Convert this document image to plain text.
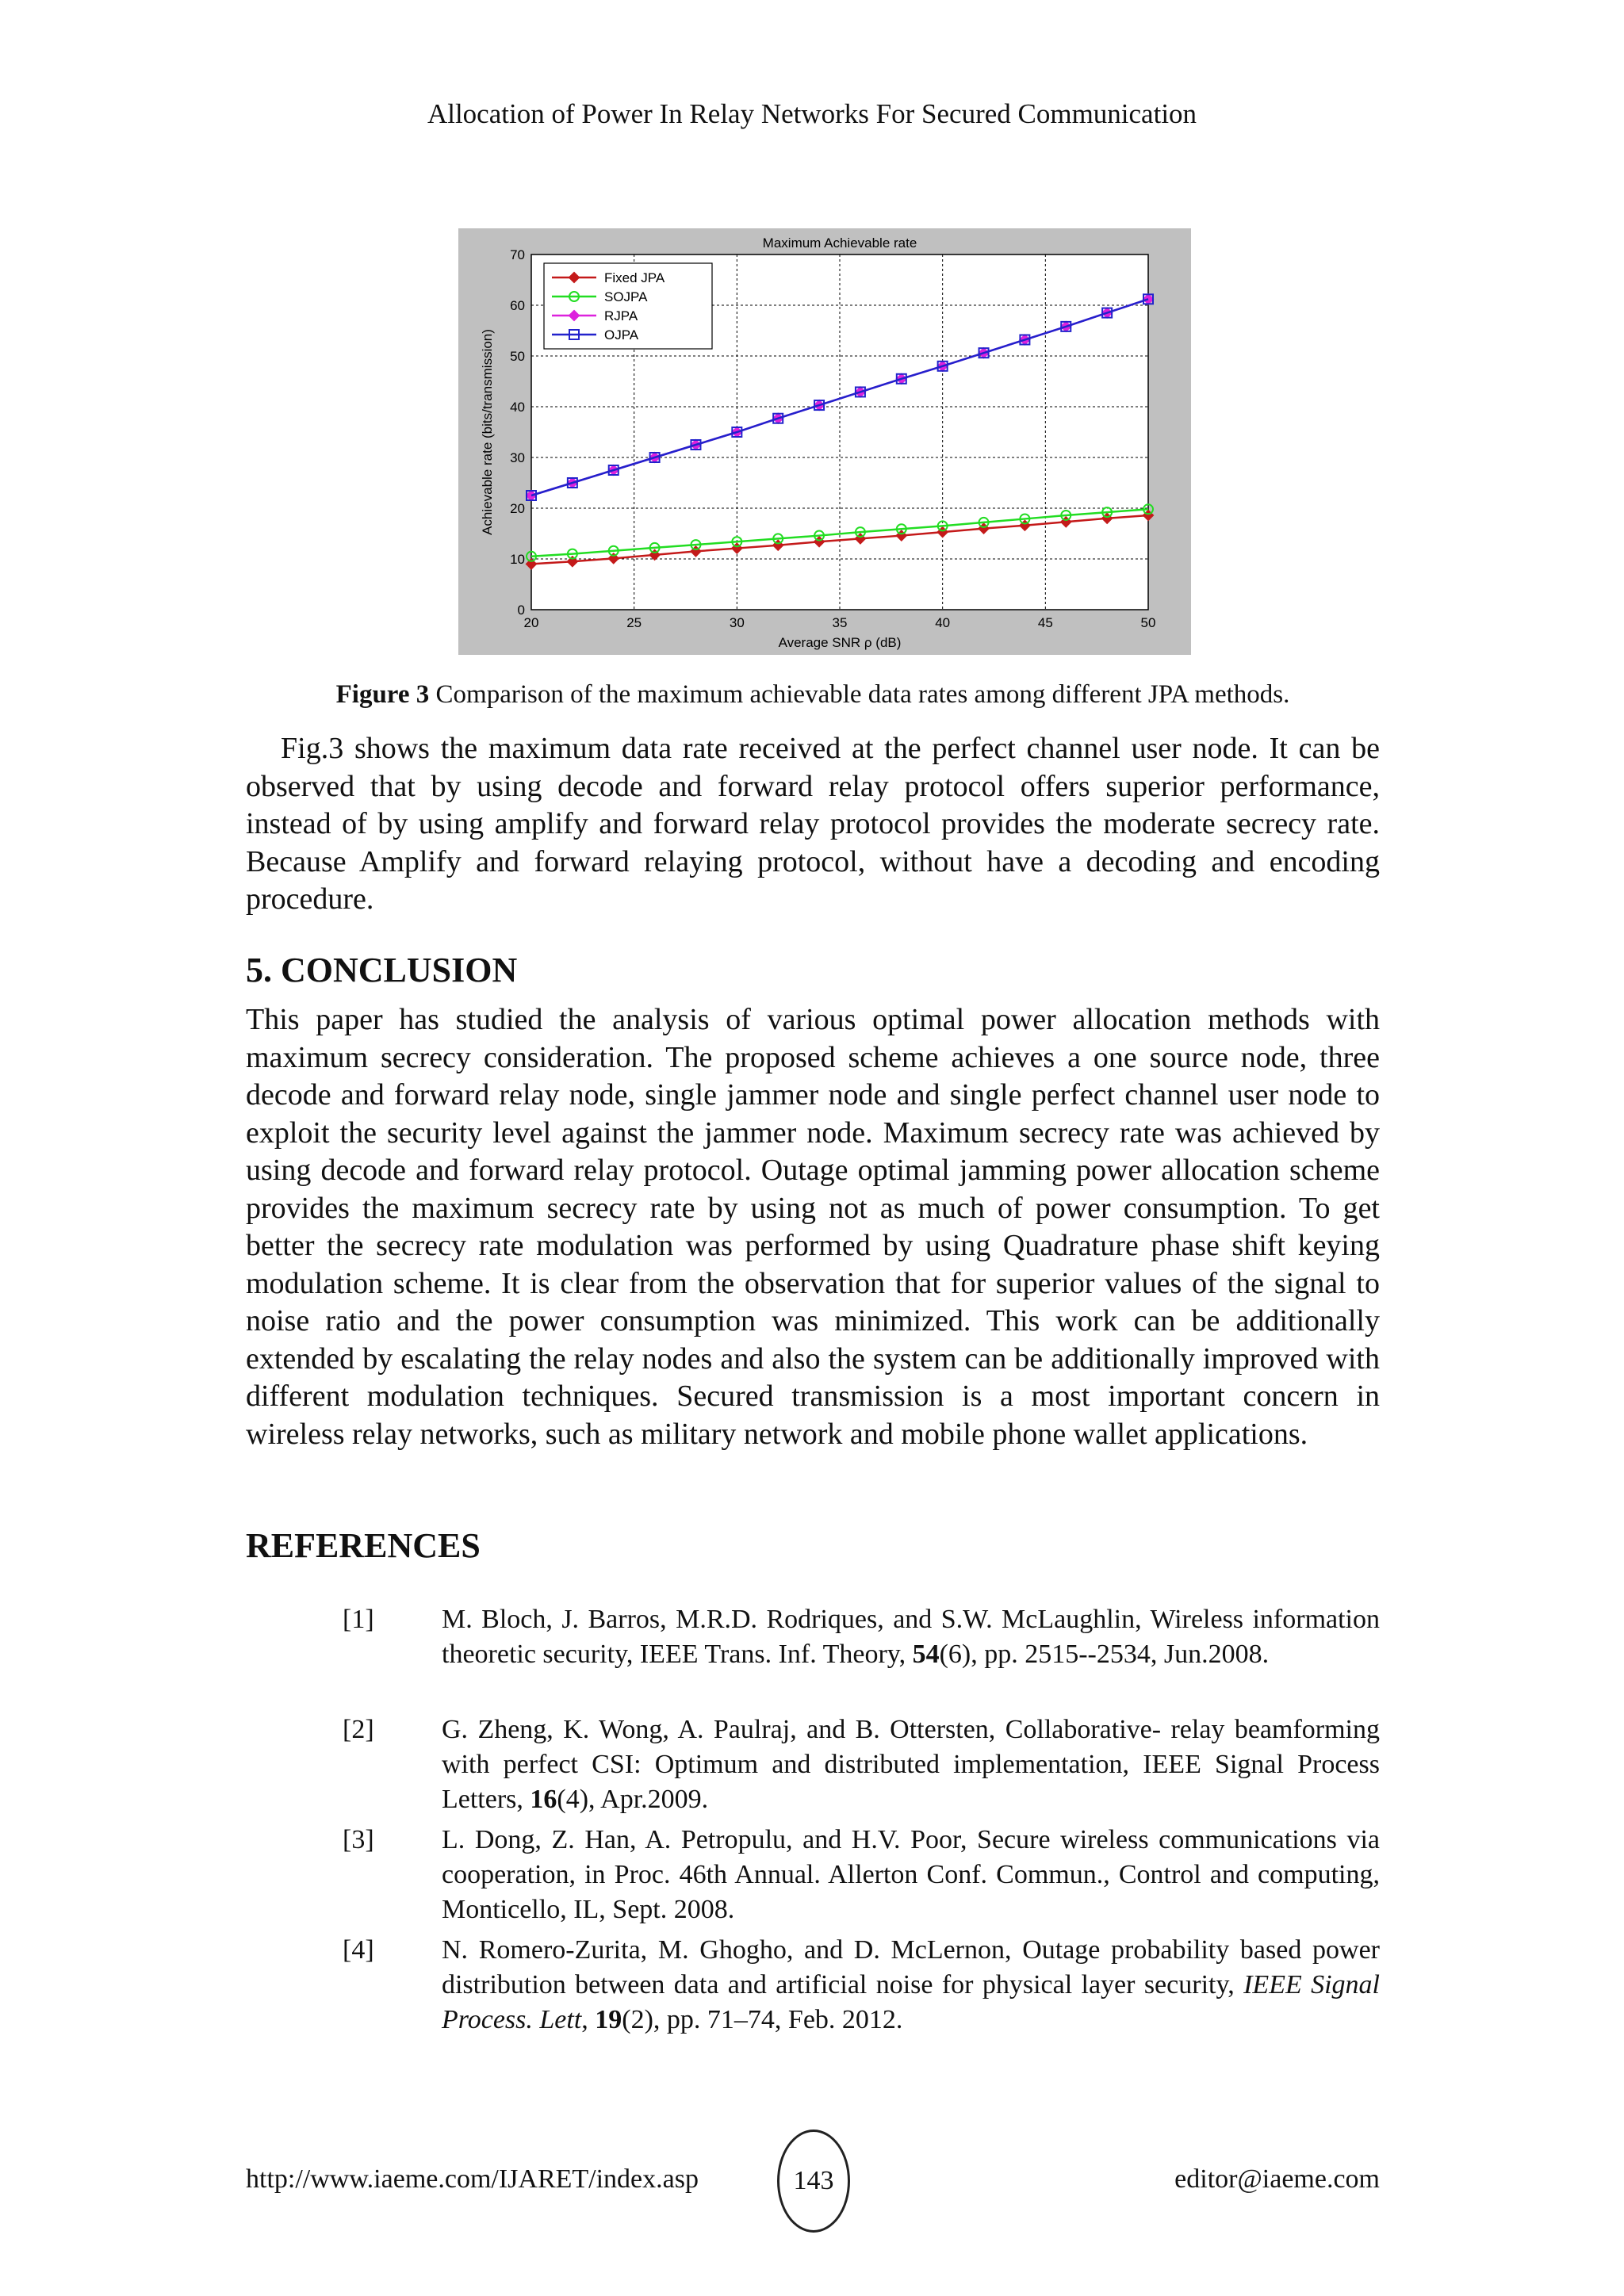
Allocation of Power In Relay Networks For Secured Communication
20	25	30	35	40	45	50
0
10
20
30
40
50
60
70
Maximum Achievable rate
Average SNR ρ (dB)
Achievable rate (bits/transmission)
Fixed JPA
SOJPA
RJPA
OJPA
Figure 3 Comparison of the maximum achievable data rates among different JPA methods.

Fig.3 shows the maximum data rate received at the perfect channel user node. It can be observed that by using decode and forward relay protocol offers superior performance, instead of by using amplify and forward relay protocol provides the moderate secrecy rate. Because Amplify and forward relaying protocol, without have a decoding and encoding procedure.

5. CONCLUSION

This paper has studied the analysis of various optimal power allocation methods with maximum secrecy consideration. The proposed scheme achieves a one source node, three decode and forward relay node, single jammer node and single perfect channel user node to exploit the security level against the jammer node. Maximum secrecy rate was achieved by using decode and forward relay protocol. Outage optimal jamming power allocation scheme provides the maximum secrecy rate by using not as much of power consumption. To get better the secrecy rate modulation was performed by using Quadrature phase shift keying modulation scheme. It is clear from the observation that for superior values of the signal to noise ratio and the power consumption was minimized. This work can be additionally extended by escalating the relay nodes and also the system can be additionally improved with different modulation techniques. Secured transmission is a most important concern in wireless relay networks, such as military network and mobile phone wallet applications.

REFERENCES
[1]	M. Bloch, J. Barros, M.R.D. Rodriques, and S.W. McLaughlin, Wireless information theoretic security, IEEE Trans. Inf. Theory, 54(6), pp. 2515--2534, Jun.2008.
[2]	G. Zheng, K. Wong, A. Paulraj, and B. Ottersten, Collaborative- relay beamforming with perfect CSI: Optimum and distributed implementation, IEEE Signal Process Letters, 16(4), Apr.2009.
[3]	L. Dong, Z. Han, A. Petropulu, and H.V. Poor, Secure wireless communications via cooperation, in Proc. 46th Annual. Allerton Conf. Commun., Control and computing, Monticello, IL, Sept. 2008.
[4]	N. Romero-Zurita, M. Ghogho, and D. McLernon, Outage probability based power distribution between data and artificial noise for physical layer security, IEEE Signal Process. Lett, 19(2), pp. 71–74, Feb. 2012.
http://www.iaeme.com/IJARET/index.asp	143	editor@iaeme.com
